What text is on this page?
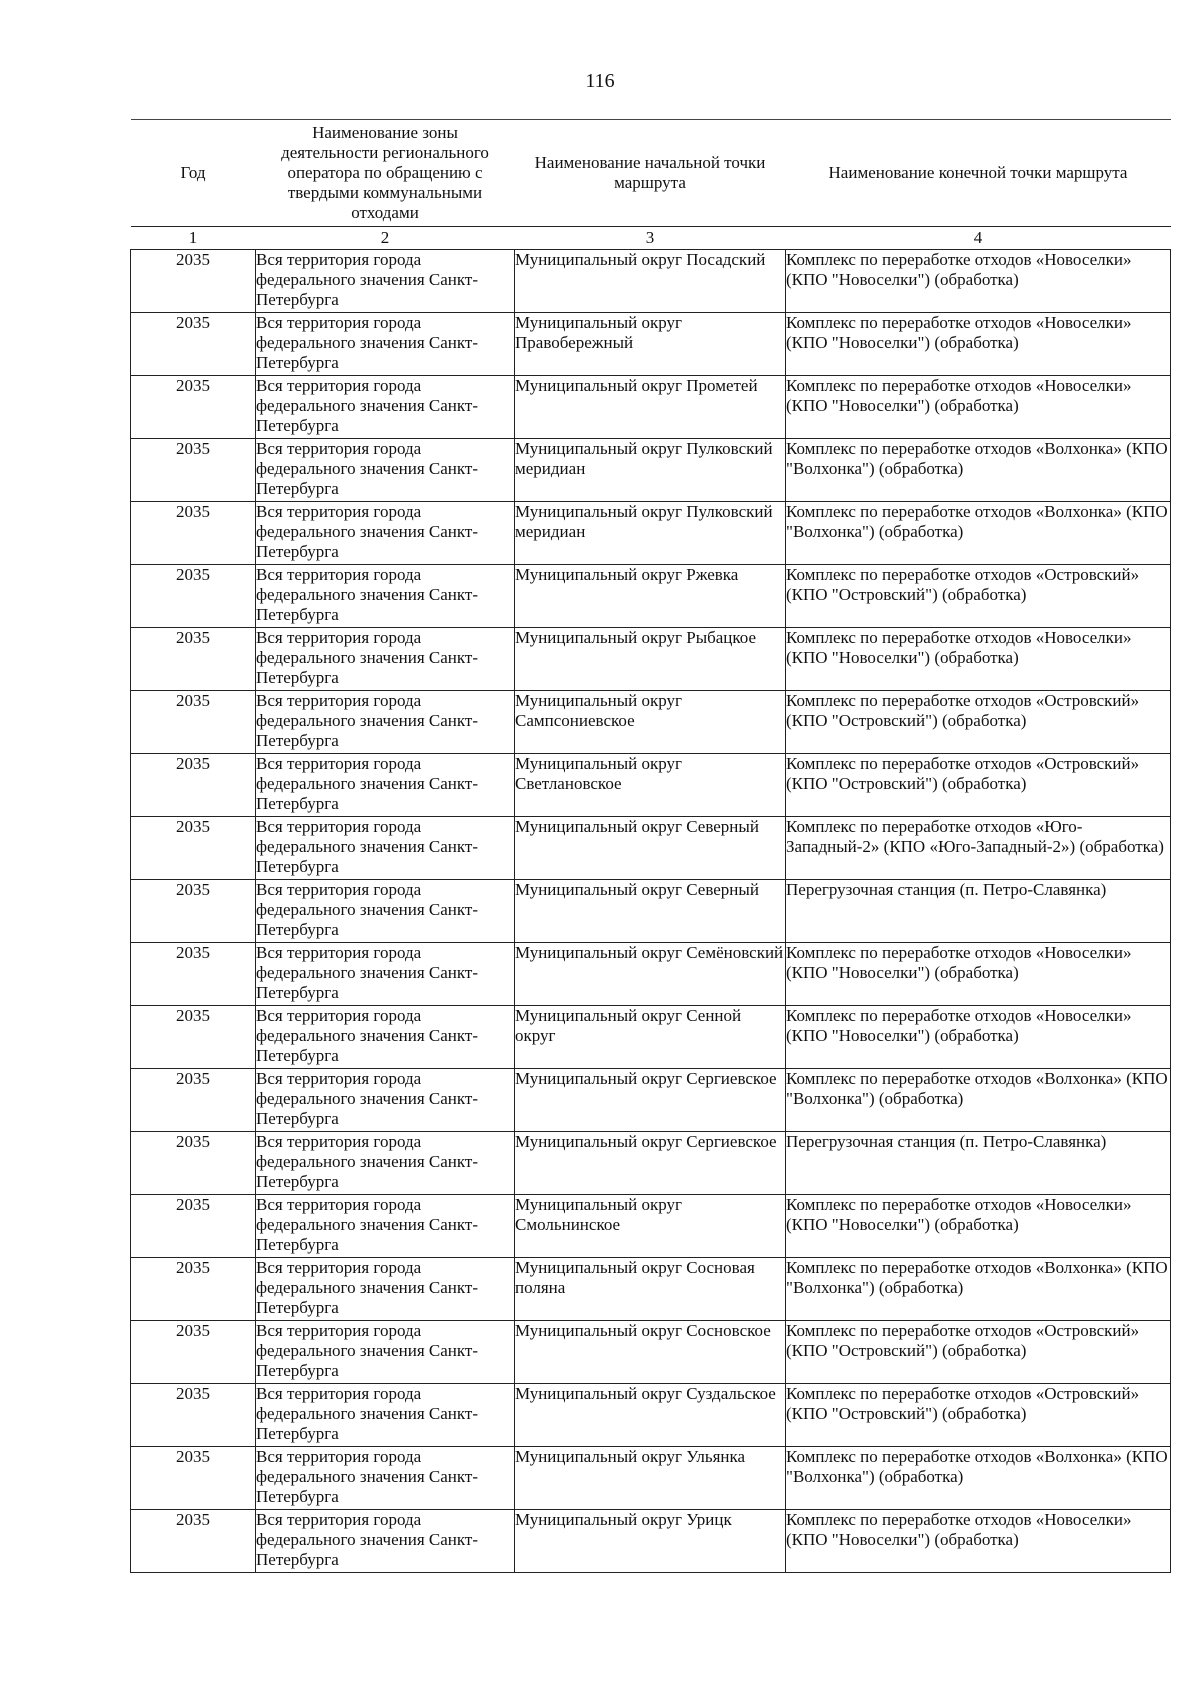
116
Год	Наименование зоны деятельности регионального оператора по обращению с твердыми коммунальными отходами	Наименование начальной точки маршрута	Наименование конечной точки маршрута
1	2	3	4
2035	Вся территория города федерального значения Санкт-Петербурга	Муниципальный округ Посадский	Комплекс по переработке отходов «Новоселки» (КПО "Новоселки") (обработка)
2035	Вся территория города федерального значения Санкт-Петербурга	Муниципальный округ Правобережный	Комплекс по переработке отходов «Новоселки» (КПО "Новоселки") (обработка)
2035	Вся территория города федерального значения Санкт-Петербурга	Муниципальный округ Прометей	Комплекс по переработке отходов «Новоселки» (КПО "Новоселки") (обработка)
2035	Вся территория города федерального значения Санкт-Петербурга	Муниципальный округ Пулковский меридиан	Комплекс по переработке отходов «Волхонка» (КПО "Волхонка") (обработка)
2035	Вся территория города федерального значения Санкт-Петербурга	Муниципальный округ Пулковский меридиан	Комплекс по переработке отходов «Волхонка» (КПО "Волхонка") (обработка)
2035	Вся территория города федерального значения Санкт-Петербурга	Муниципальный округ Ржевка	Комплекс по переработке отходов «Островский» (КПО "Островский") (обработка)
2035	Вся территория города федерального значения Санкт-Петербурга	Муниципальный округ Рыбацкое	Комплекс по переработке отходов «Новоселки» (КПО "Новоселки") (обработка)
2035	Вся территория города федерального значения Санкт-Петербурга	Муниципальный округ Сампсониевское	Комплекс по переработке отходов «Островский» (КПО "Островский") (обработка)
2035	Вся территория города федерального значения Санкт-Петербурга	Муниципальный округ Светлановское	Комплекс по переработке отходов «Островский» (КПО "Островский") (обработка)
2035	Вся территория города федерального значения Санкт-Петербурга	Муниципальный округ Северный	Комплекс по переработке отходов «Юго-Западный-2» (КПО «Юго-Западный-2») (обработка)
2035	Вся территория города федерального значения Санкт-Петербурга	Муниципальный округ Северный	Перегрузочная станция (п. Петро-Славянка)
2035	Вся территория города федерального значения Санкт-Петербурга	Муниципальный округ Семёновский	Комплекс по переработке отходов «Новоселки» (КПО "Новоселки") (обработка)
2035	Вся территория города федерального значения Санкт-Петербурга	Муниципальный округ Сенной округ	Комплекс по переработке отходов «Новоселки» (КПО "Новоселки") (обработка)
2035	Вся территория города федерального значения Санкт-Петербурга	Муниципальный округ Сергиевское	Комплекс по переработке отходов «Волхонка» (КПО "Волхонка") (обработка)
2035	Вся территория города федерального значения Санкт-Петербурга	Муниципальный округ Сергиевское	Перегрузочная станция (п. Петро-Славянка)
2035	Вся территория города федерального значения Санкт-Петербурга	Муниципальный округ Смольнинское	Комплекс по переработке отходов «Новоселки» (КПО "Новоселки") (обработка)
2035	Вся территория города федерального значения Санкт-Петербурга	Муниципальный округ Сосновая поляна	Комплекс по переработке отходов «Волхонка» (КПО "Волхонка") (обработка)
2035	Вся территория города федерального значения Санкт-Петербурга	Муниципальный округ Сосновское	Комплекс по переработке отходов «Островский» (КПО "Островский") (обработка)
2035	Вся территория города федерального значения Санкт-Петербурга	Муниципальный округ Суздальское	Комплекс по переработке отходов «Островский» (КПО "Островский") (обработка)
2035	Вся территория города федерального значения Санкт-Петербурга	Муниципальный округ Ульянка	Комплекс по переработке отходов «Волхонка» (КПО "Волхонка") (обработка)
2035	Вся территория города федерального значения Санкт-Петербурга	Муниципальный округ Урицк	Комплекс по переработке отходов «Новоселки» (КПО "Новоселки") (обработка)
